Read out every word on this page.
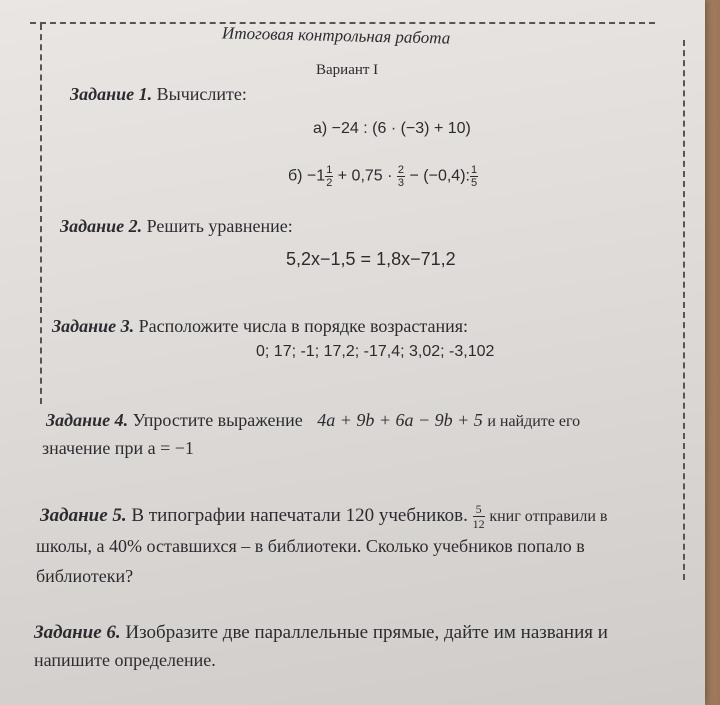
Итоговая контрольная работа
Вариант I
Задание 1. Вычислите:
а) −24 : (6 · (−3) + 10)
$б) -1 \frac{1}{2} + 0,75 \cdot \frac{2}{3} - (-0,4)$: $\frac{1}{5}$
Задание 2. Решить уравнение:
5,2x−1,5 = 1,8x−71,2
Задание 3. Расположите числа в порядке возрастания:
0; 17; -1; 17,2; -17,4; 3,02; -3,102
Задание 4. Упростите выражение 4a + 9b + 6a − 9b + 5 и найдите его
значение при a = −1
Задание 5. В типографии напечатали 120 учебников. $\frac{5}{12}$ книг отправили в
школы, а 40% оставшихся – в библиотеки. Сколько учебников попало в
библиотеки?
Задание 6. Изобразите две параллельные прямые, дайте им названия и
напишите определение.
